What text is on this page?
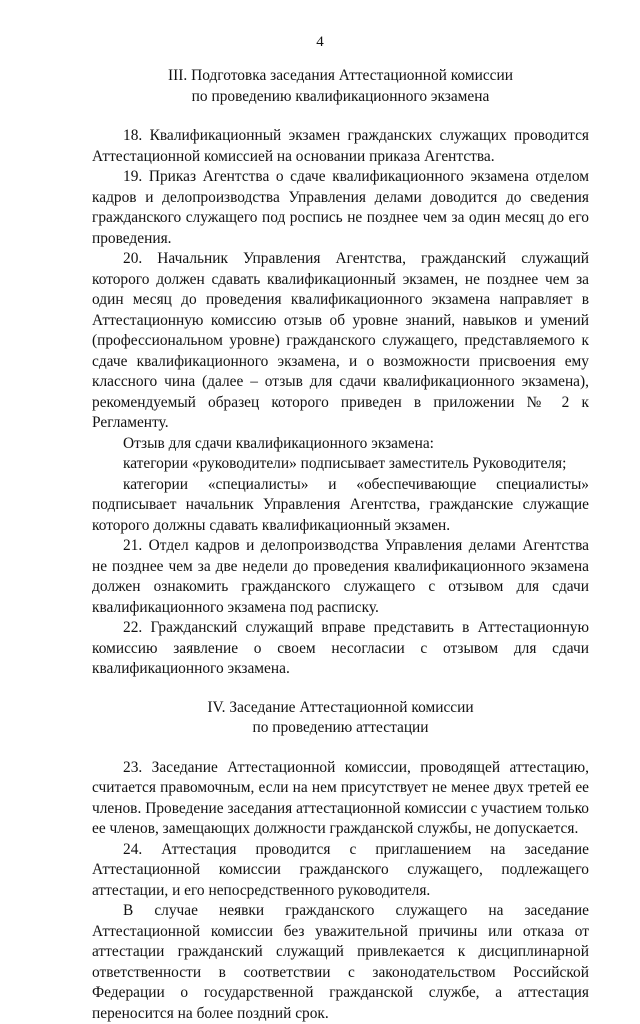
4
III. Подготовка заседания Аттестационной комиссии
по проведению квалификационного экзамена

18. Квалификационный экзамен гражданских служащих проводится Аттестационной комиссией на основании приказа Агентства.

19. Приказ Агентства о сдаче квалификационного экзамена отделом кадров и делопроизводства Управления делами доводится до сведения гражданского служащего под роспись не позднее чем за один месяц до его проведения.

20. Начальник Управления Агентства, гражданский служащий которого должен сдавать квалификационный экзамен, не позднее чем за один месяц до проведения квалификационного экзамена направляет в Аттестационную комиссию отзыв об уровне знаний, навыков и умений (профессиональном уровне) гражданского служащего, представляемого к сдаче квалификационного экзамена, и о возможности присвоения ему классного чина (далее – отзыв для сдачи квалификационного экзамена), рекомендуемый образец которого приведен в приложении № 2 к Регламенту.

Отзыв для сдачи квалификационного экзамена:

категории «руководители» подписывает заместитель Руководителя;

категории «специалисты» и «обеспечивающие специалисты» подписывает начальник Управления Агентства, гражданские служащие которого должны сдавать квалификационный экзамен.

21. Отдел кадров и делопроизводства Управления делами Агентства не позднее чем за две недели до проведения квалификационного экзамена должен ознакомить гражданского служащего с отзывом для сдачи квалификационного экзамена под расписку.

22. Гражданский служащий вправе представить в Аттестационную комиссию заявление о своем несогласии с отзывом для сдачи квалификационного экзамена.

IV. Заседание Аттестационной комиссии
по проведению аттестации

23. Заседание Аттестационной комиссии, проводящей аттестацию, считается правомочным, если на нем присутствует не менее двух третей ее членов. Проведение заседания аттестационной комиссии с участием только ее членов, замещающих должности гражданской службы, не допускается.

24. Аттестация проводится с приглашением на заседание Аттестационной комиссии гражданского служащего, подлежащего аттестации, и его непосредственного руководителя.

В случае неявки гражданского служащего на заседание Аттестационной комиссии без уважительной причины или отказа от аттестации гражданский служащий привлекается к дисциплинарной ответственности в соответствии с законодательством Российской Федерации о государственной гражданской службе, а аттестация переносится на более поздний срок.
